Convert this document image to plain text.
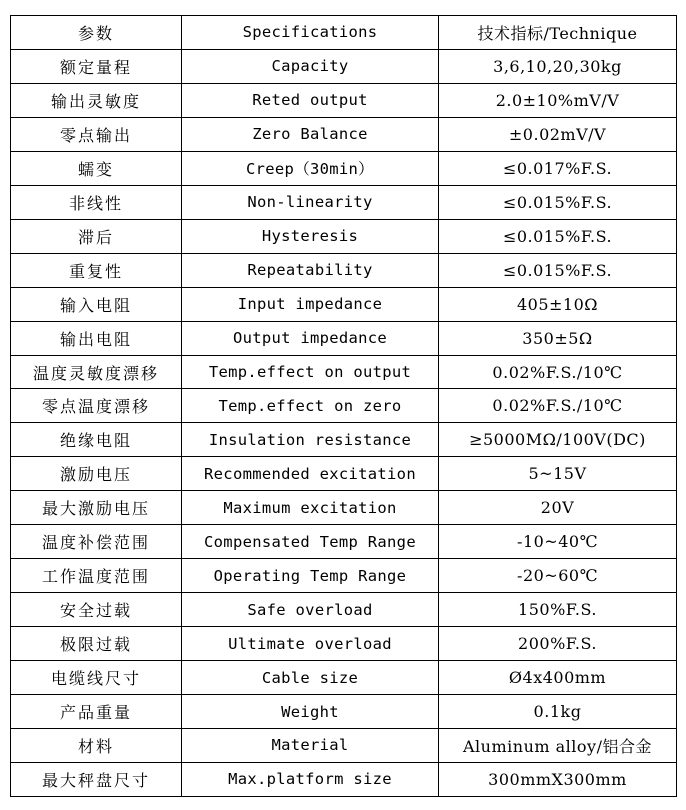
参数	Specifications	技术指标/Technique
额定量程	Capacity	3,6,10,20,30kg
输出灵敏度	Reted output	2.0±10%mV/V
零点输出	Zero Balance	±0.02mV/V
蠕变	Creep（30min）	≤0.017%F.S.
非线性	Non-linearity	≤0.015%F.S.
滞后	Hysteresis	≤0.015%F.S.
重复性	Repeatability	≤0.015%F.S.
输入电阻	Input impedance	405±10Ω
输出电阻	Output impedance	350±5Ω
温度灵敏度漂移	Temp.effect on output	0.02%F.S./10℃
零点温度漂移	Temp.effect on zero	0.02%F.S./10℃
绝缘电阻	Insulation resistance	≥5000MΩ/100V(DC)
激励电压	Recommended excitation	5~15V
最大激励电压	Maximum excitation	20V
温度补偿范围	Compensated Temp Range	-10~40℃
工作温度范围	Operating Temp Range	-20~60℃
安全过载	Safe overload	150%F.S.
极限过载	Ultimate overload	200%F.S.
电缆线尺寸	Cable size	Ø4x400mm
产品重量	Weight	0.1kg
材料	Material	Aluminum alloy/铝合金
最大秤盘尺寸	Max.platform size	300mmX300mm
